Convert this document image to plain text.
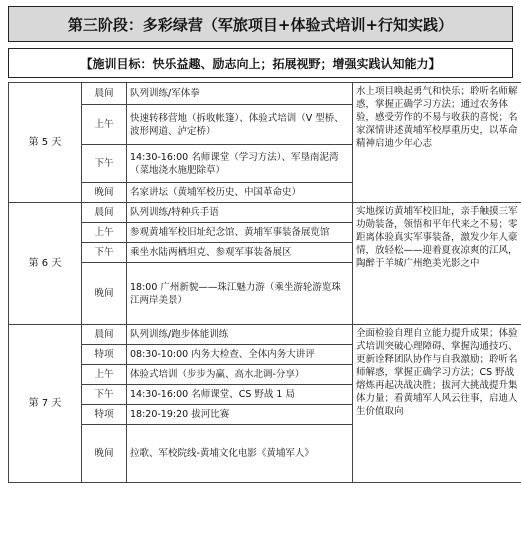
第三阶段：多彩绿营（军旅项目+体验式培训+行知实践）
【施训目标：快乐益趣、励志向上；拓展视野；增强实践认知能力】
第 5 天	晨间	队列训练/军体拳	水上项目唤起勇气和快乐；聆听名师解惑，掌握正确学习方法；通过农务体验，感受劳作的不易与收获的喜悦；名家深情讲述黄埔军校厚重历史，以革命精神启迪少年心志
	上午	快速转移营地（拆收帐篷）、体验式培训（V 型桥、波形网道、泸定桥）	
	下午	14:30-16:00 名师课堂（学习方法）、军垦南泥湾（菜地浇水施肥除草）	
	晚间	名家讲坛（黄埔军校历史、中国革命史）	
第 6 天	晨间	队列训练/特种兵手语	实地探访黄埔军校旧址，亲手触摸三军功勋装备，领悟和平年代来之不易；零距离体验真实军事装备，激发少年人豪情，放轻松——迎着夏夜凉爽的江风，陶醉于羊城广州绝美光影之中
	上午	参观黄埔军校旧址纪念馆、黄埔军事装备展览馆	
	下午	乘坐水陆两栖坦克、参观军事装备展区	
	晚间	18:00 广州新貌——珠江魅力游（乘坐游轮游览珠江两岸美景）	
第 7 天	晨间	队列训练/跑步体能训练	全面检验自理自立能力提升成果；体验式培训突破心理障碍、掌握沟通技巧、更新诠释团队协作与自我激励；聆听名师解惑，掌握正确学习方法；CS 野战熔炼再起决战决胜；拔河大挑战提升集体力量；看黄埔军人风云往事，启迪人生价值取向
	特项	08:30-10:00 内务大检查、全体内务大讲评	
	上午	体验式培训（步步为赢、高水北调-分享）	
	下午	14:30-16:00 名师课堂、CS 野战 1 局	
	特项	18:20-19:20 拔河比赛	
	晚间	拉歌、军校院线-黄埔文化电影《黄埔军人》	
